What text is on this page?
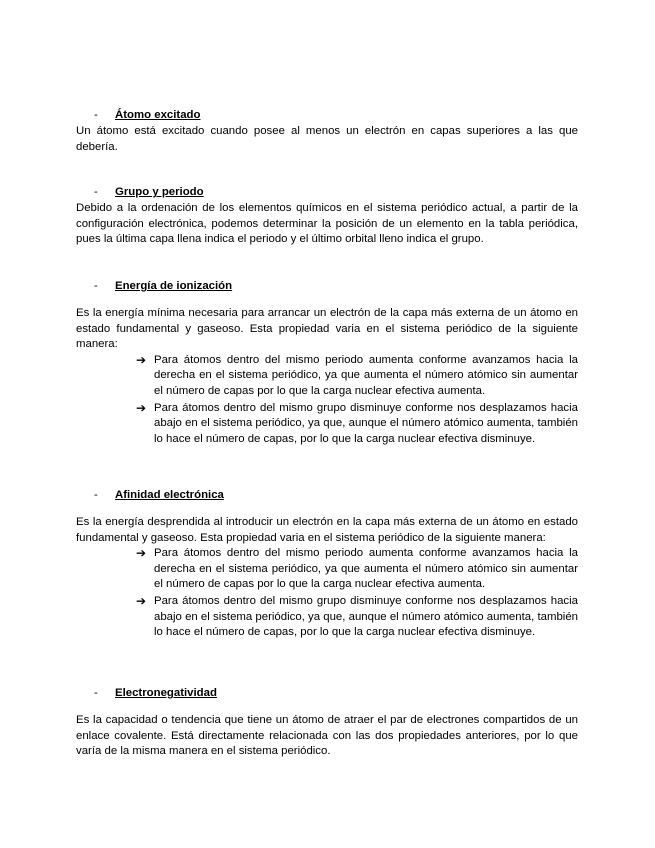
- Átomo excitado

Un átomo está excitado cuando posee al menos un electrón en capas superiores a las que debería.

- Grupo y periodo

Debido a la ordenación de los elementos químicos en el sistema periódico actual, a partir de la configuración electrónica, podemos determinar la posición de un elemento en la tabla periódica, pues la última capa llena indica el periodo y el último orbital lleno indica el grupo.

- Energía de ionización

Es la energía mínima necesaria para arrancar un electrón de la capa más externa de un átomo en estado fundamental y gaseoso. Esta propiedad varia en el sistema periódico de la siguiente manera:

➔ Para átomos dentro del mismo periodo aumenta conforme avanzamos hacia la derecha en el sistema periódico, ya que aumenta el número atómico sin aumentar el número de capas por lo que la carga nuclear efectiva aumenta.
➔ Para átomos dentro del mismo grupo disminuye conforme nos desplazamos hacia abajo en el sistema periódico, ya que, aunque el número atómico aumenta, también lo hace el número de capas, por lo que la carga nuclear efectiva disminuye.
- Afinidad electrónica

Es la energía desprendida al introducir un electrón en la capa más externa de un átomo en estado fundamental y gaseoso. Esta propiedad varia en el sistema periódico de la siguiente manera:

➔ Para átomos dentro del mismo periodo aumenta conforme avanzamos hacia la derecha en el sistema periódico, ya que aumenta el número atómico sin aumentar el número de capas por lo que la carga nuclear efectiva aumenta.
➔ Para átomos dentro del mismo grupo disminuye conforme nos desplazamos hacia abajo en el sistema periódico, ya que, aunque el número atómico aumenta, también lo hace el número de capas, por lo que la carga nuclear efectiva disminuye.
- Electronegatividad

Es la capacidad o tendencia que tiene un átomo de atraer el par de electrones compartidos de un enlace covalente. Está directamente relacionada con las dos propiedades anteriores, por lo que varía de la misma manera en el sistema periódico.
